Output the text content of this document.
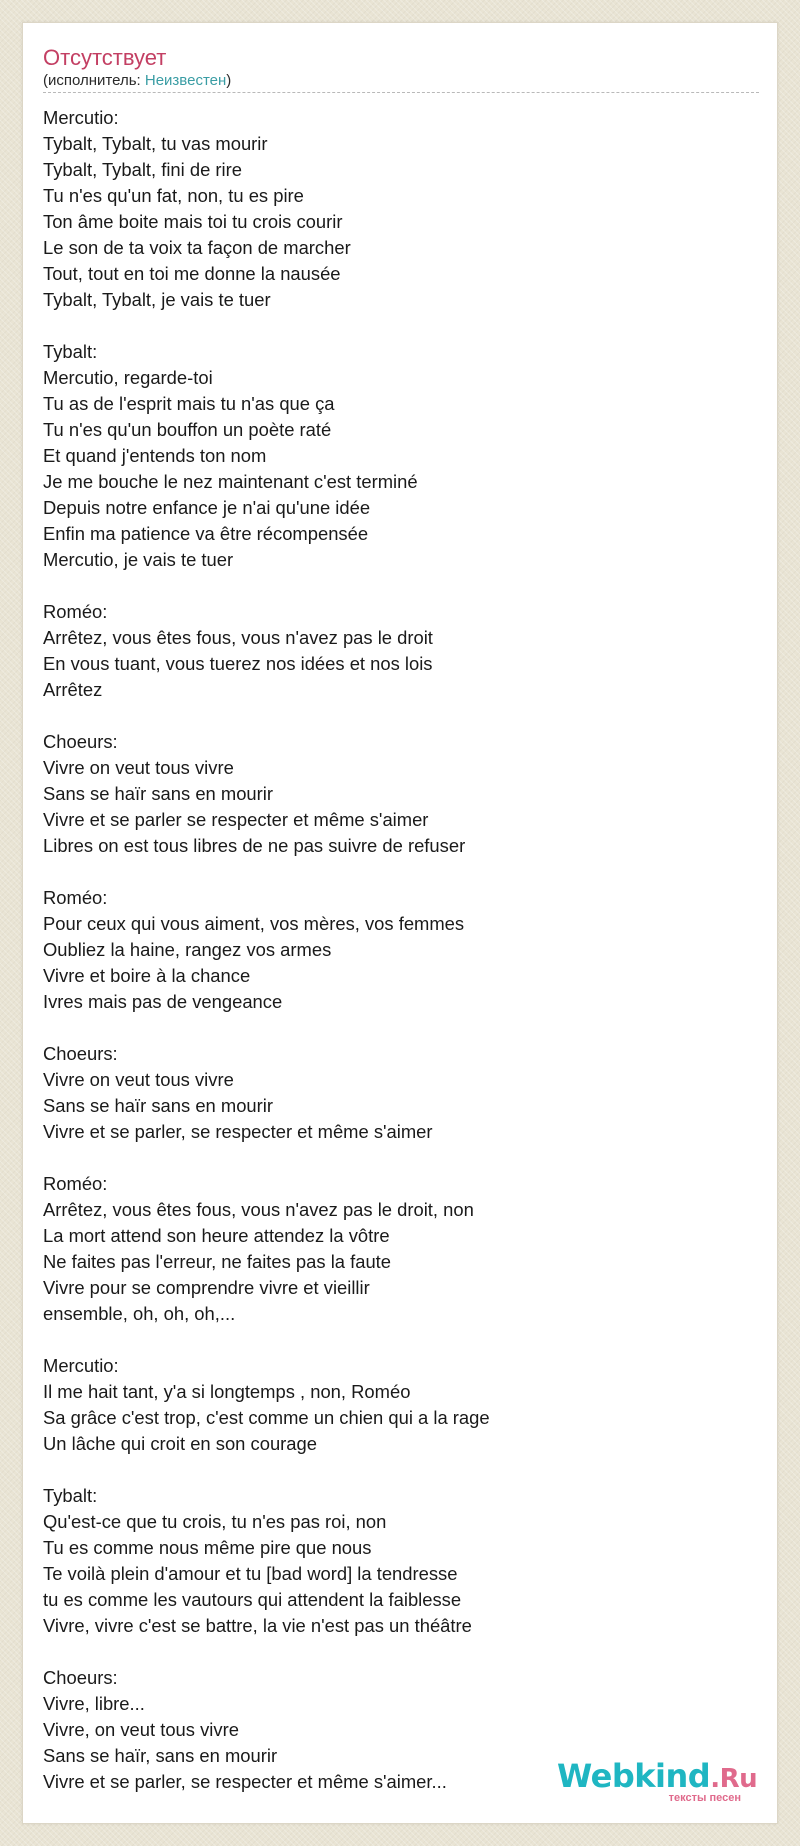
Отсутствует
(исполнитель: Неизвестен)
Mercutio:
Tybalt, Tybalt, tu vas mourir
Tybalt, Tybalt, fini de rire
Tu n'es qu'un fat, non, tu es pire
Ton âme boite mais toi tu crois courir
Le son de ta voix ta façon de marcher
Tout, tout en toi me donne la nausée
Tybalt, Tybalt, je vais te tuer
Tybalt:
Mercutio, regarde-toi
Tu as de l'esprit mais tu n'as que ça
Tu n'es qu'un bouffon un poète raté
Et quand j'entends ton nom
Je me bouche le nez maintenant c'est terminé
Depuis notre enfance je n'ai qu'une idée
Enfin ma patience va être récompensée
Mercutio, je vais te tuer
Roméo:
Arrêtez, vous êtes fous, vous n'avez pas le droit
En vous tuant, vous tuerez nos idées et nos lois
Arrêtez
Choeurs:
Vivre on veut tous vivre
Sans se haïr sans en mourir
Vivre et se parler se respecter et même s'aimer
Libres on est tous libres de ne pas suivre de refuser
Roméo:
Pour ceux qui vous aiment, vos mères, vos femmes
Oubliez la haine, rangez vos armes
Vivre et boire à la chance
Ivres mais pas de vengeance
Choeurs:
Vivre on veut tous vivre
Sans se haïr sans en mourir
Vivre et se parler, se respecter et même s'aimer
Roméo:
Arrêtez, vous êtes fous, vous n'avez pas le droit, non
La mort attend son heure attendez la vôtre
Ne faites pas l'erreur, ne faites pas la faute
Vivre pour se comprendre vivre et vieillir
ensemble, oh, oh, oh,...
Mercutio:
Il me hait tant, y'a si longtemps , non, Roméo
Sa grâce c'est trop, c'est comme un chien qui a la rage
Un lâche qui croit en son courage
Tybalt:
Qu'est-ce que tu crois, tu n'es pas roi, non
Tu es comme nous même pire que nous
Te voilà plein d'amour et tu [bad word] la tendresse
tu es comme les vautours qui attendent la faiblesse
Vivre, vivre c'est se battre, la vie n'est pas un théâtre
Choeurs:
Vivre, libre...
Vivre, on veut tous vivre
Sans se haïr, sans en mourir
Vivre et se parler, se respecter et même s'aimer...	Webkind.Ru
тексты песен
